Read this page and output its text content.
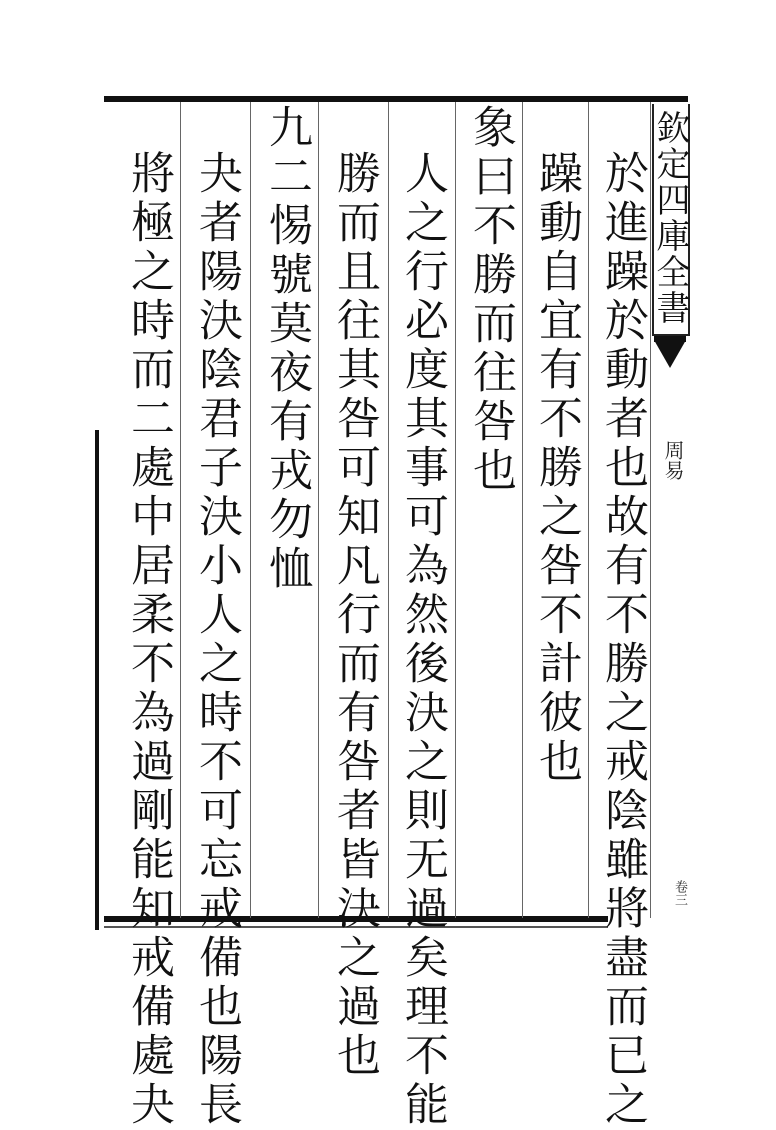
欽定四庫全書
周易
卷三
於進躁於動者也故有不勝之戒陰雖將盡而已之
躁動自宜有不勝之咎不計彼也
象曰不勝而往咎也
人之行必度其事可為然後決之則无過矣理不能
勝而且往其咎可知凡行而有咎者皆決之過也
九二惕號莫夜有戎勿恤
夬者陽決陰君子決小人之時不可忘戒備也陽長
將極之時而二處中居柔不為過剛能知戒備處夬
